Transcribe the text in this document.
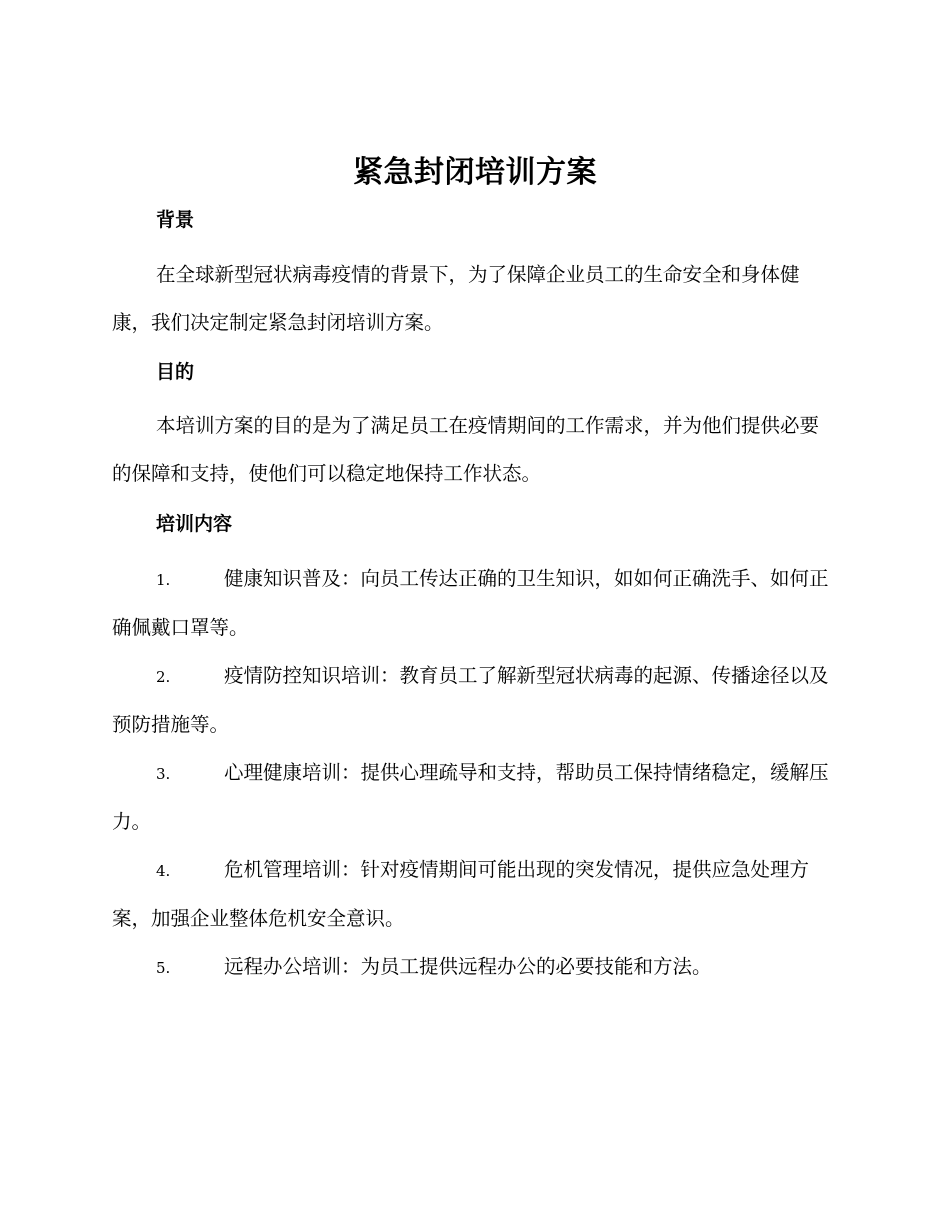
紧急封闭培训方案
背景

在全球新型冠状病毒疫情的背景下，为了保障企业员工的生命安全和身体健康，我们决定制定紧急封闭培训方案。

目的

本培训方案的目的是为了满足员工在疫情期间的工作需求，并为他们提供必要的保障和支持，使他们可以稳定地保持工作状态。

培训内容

1.	健康知识普及：向员工传达正确的卫生知识，如如何正确洗手、如何正确佩戴口罩等。

2.	疫情防控知识培训：教育员工了解新型冠状病毒的起源、传播途径以及预防措施等。

3.	心理健康培训：提供心理疏导和支持，帮助员工保持情绪稳定，缓解压力。

4.	危机管理培训：针对疫情期间可能出现的突发情况，提供应急处理方案，加强企业整体危机安全意识。

5.	远程办公培训：为员工提供远程办公的必要技能和方法。
